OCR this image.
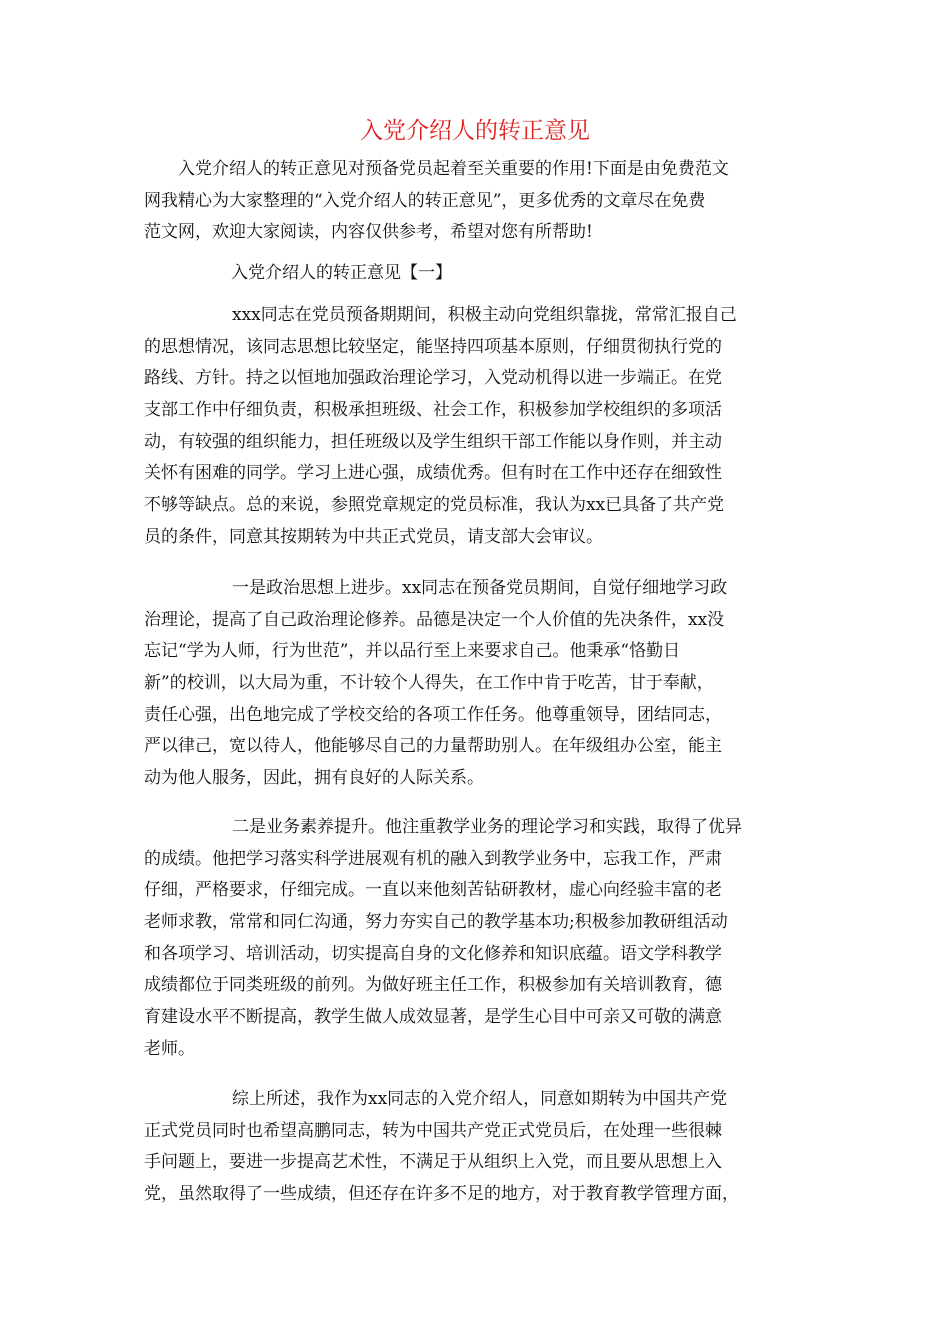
入党介绍人的转正意见

入党介绍人的转正意见对预备党员起着至关重要的作用!下面是由免费范文
网我精心为大家整理的“入党介绍人的转正意见”，更多优秀的文章尽在免费
范文网，欢迎大家阅读，内容仅供参考，希望对您有所帮助!

入党介绍人的转正意见【一】

xxx同志在党员预备期期间，积极主动向党组织靠拢，常常汇报自己
的思想情况，该同志思想比较坚定，能坚持四项基本原则，仔细贯彻执行党的
路线、方针。持之以恒地加强政治理论学习，入党动机得以进一步端正。在党
支部工作中仔细负责，积极承担班级、社会工作，积极参加学校组织的多项活
动，有较强的组织能力，担任班级以及学生组织干部工作能以身作则，并主动
关怀有困难的同学。学习上进心强，成绩优秀。但有时在工作中还存在细致性
不够等缺点。总的来说，参照党章规定的党员标准，我认为xx已具备了共产党
员的条件，同意其按期转为中共正式党员，请支部大会审议。

一是政治思想上进步。xx同志在预备党员期间，自觉仔细地学习政
治理论，提高了自己政治理论修养。品德是决定一个人价值的先决条件，xx没
忘记“学为人师，行为世范”，并以品行至上来要求自己。他秉承“恪勤日
新”的校训，以大局为重，不计较个人得失，在工作中肯于吃苦，甘于奉献，
责任心强，出色地完成了学校交给的各项工作任务。他尊重领导，团结同志，
严以律己，宽以待人，他能够尽自己的力量帮助别人。在年级组办公室，能主
动为他人服务，因此，拥有良好的人际关系。

二是业务素养提升。他注重教学业务的理论学习和实践，取得了优异
的成绩。他把学习落实科学进展观有机的融入到教学业务中，忘我工作，严肃
仔细，严格要求，仔细完成。一直以来他刻苦钻研教材，虚心向经验丰富的老
老师求教，常常和同仁沟通，努力夯实自己的教学基本功;积极参加教研组活动
和各项学习、培训活动，切实提高自身的文化修养和知识底蕴。语文学科教学
成绩都位于同类班级的前列。为做好班主任工作，积极参加有关培训教育，德
育建设水平不断提高，教学生做人成效显著，是学生心目中可亲又可敬的满意
老师。

综上所述，我作为xx同志的入党介绍人，同意如期转为中国共产党
正式党员同时也希望高鹏同志，转为中国共产党正式党员后，在处理一些很棘
手问题上，要进一步提高艺术性，不满足于从组织上入党，而且要从思想上入
党，虽然取得了一些成绩，但还存在许多不足的地方，对于教育教学管理方面，
